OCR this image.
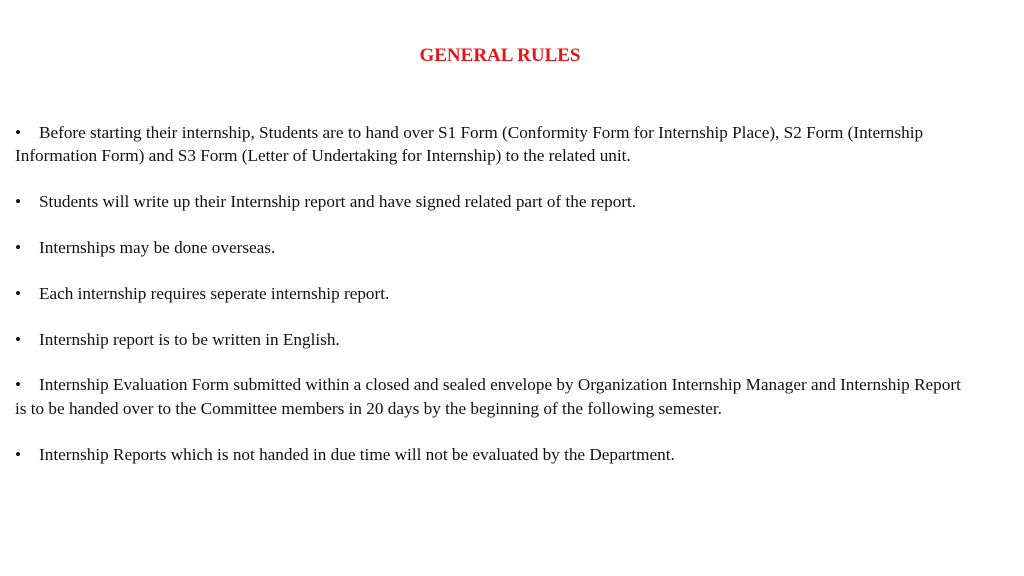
GENERAL RULES
• Before starting their internship, Students are to hand over S1 Form (Conformity Form for Internship Place), S2 Form (Internship Information Form) and S3 Form (Letter of Undertaking for Internship) to the related unit.
• Students will write up their Internship report and have signed related part of the report.
• Internships may be done overseas.
• Each internship requires seperate internship report.
• Internship report is to be written in English.
• Internship Evaluation Form submitted within a closed and sealed envelope by Organization Internship Manager and Internship Report is to be handed over to the Committee members in 20 days by the beginning of the following semester.
• Internship Reports which is not handed in due time will not be evaluated by the Department.
